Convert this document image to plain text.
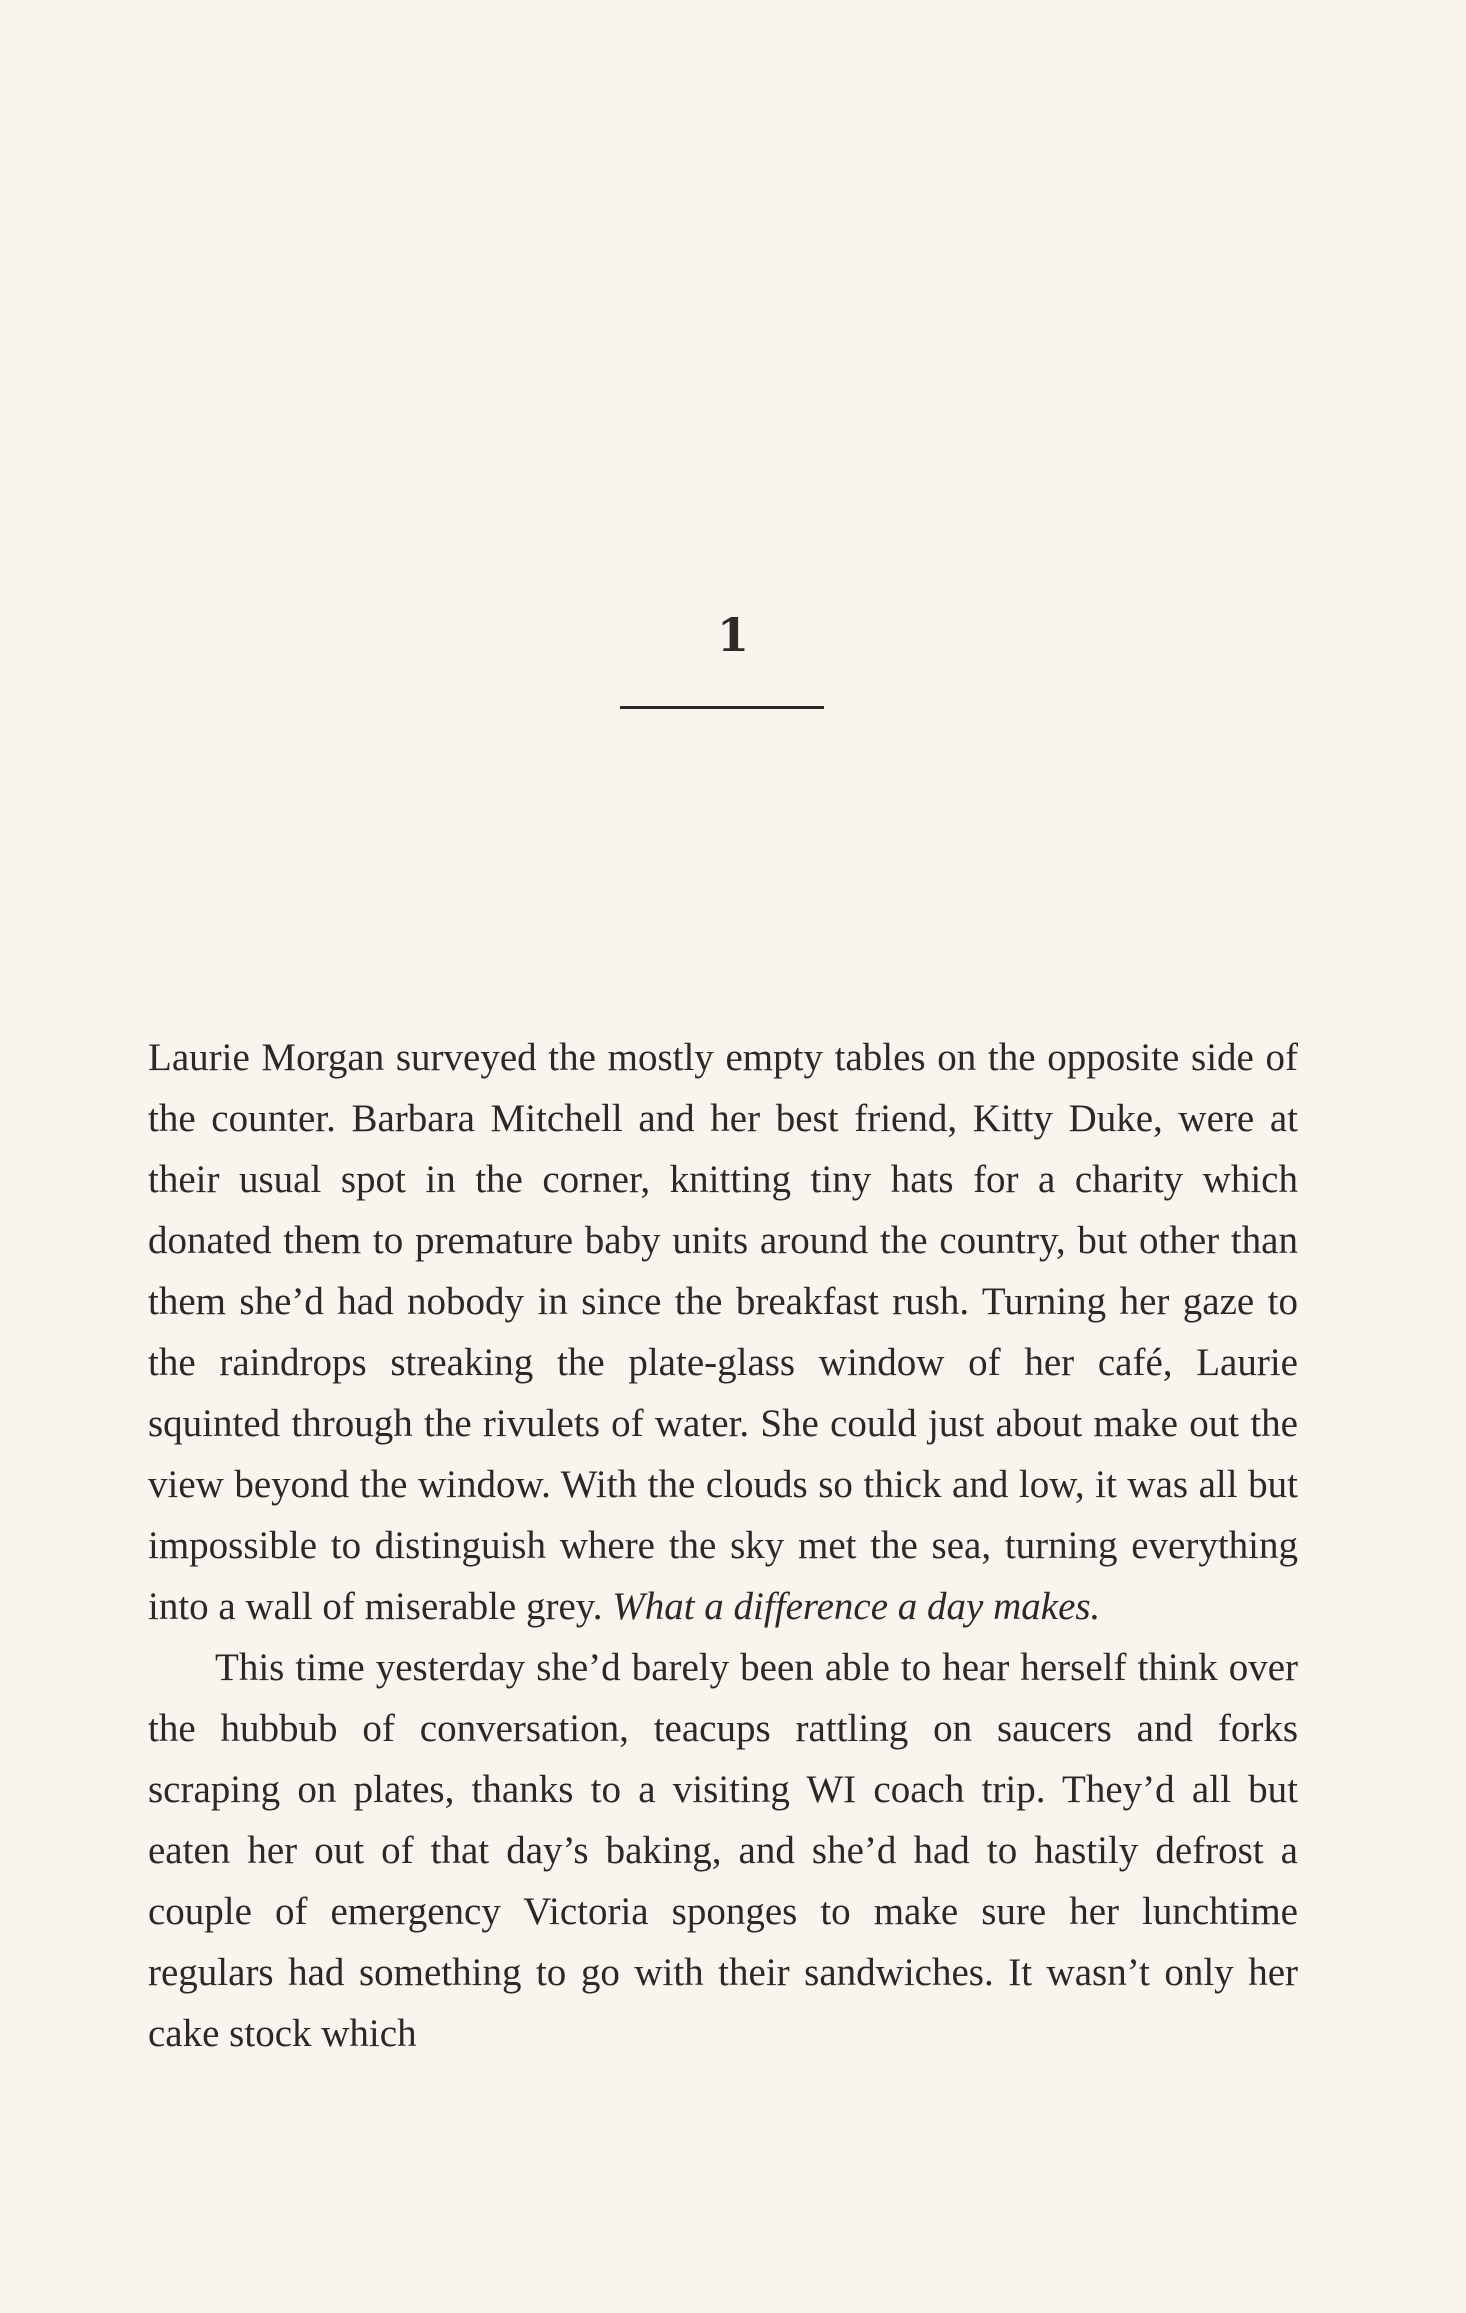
1

Laurie Morgan surveyed the mostly empty tables on the opposite side of the counter. Barbara Mitchell and her best friend, Kitty Duke, were at their usual spot in the corner, knitting tiny hats for a charity which donated them to premature baby units around the country, but other than them she’d had nobody in since the breakfast rush. Turning her gaze to the raindrops streaking the plate-glass window of her café, Laurie squinted through the rivulets of water. She could just about make out the view beyond the window. With the clouds so thick and low, it was all but impossible to distinguish where the sky met the sea, turning everything into a wall of miserable grey. What a difference a day makes.

This time yesterday she’d barely been able to hear herself think over the hubbub of conversation, teacups rattling on saucers and forks scraping on plates, thanks to a visiting WI coach trip. They’d all but eaten her out of that day’s baking, and she’d had to hastily defrost a couple of emergency Victoria sponges to make sure her lunchtime regulars had something to go with their sandwiches. It wasn’t only her cake stock which
